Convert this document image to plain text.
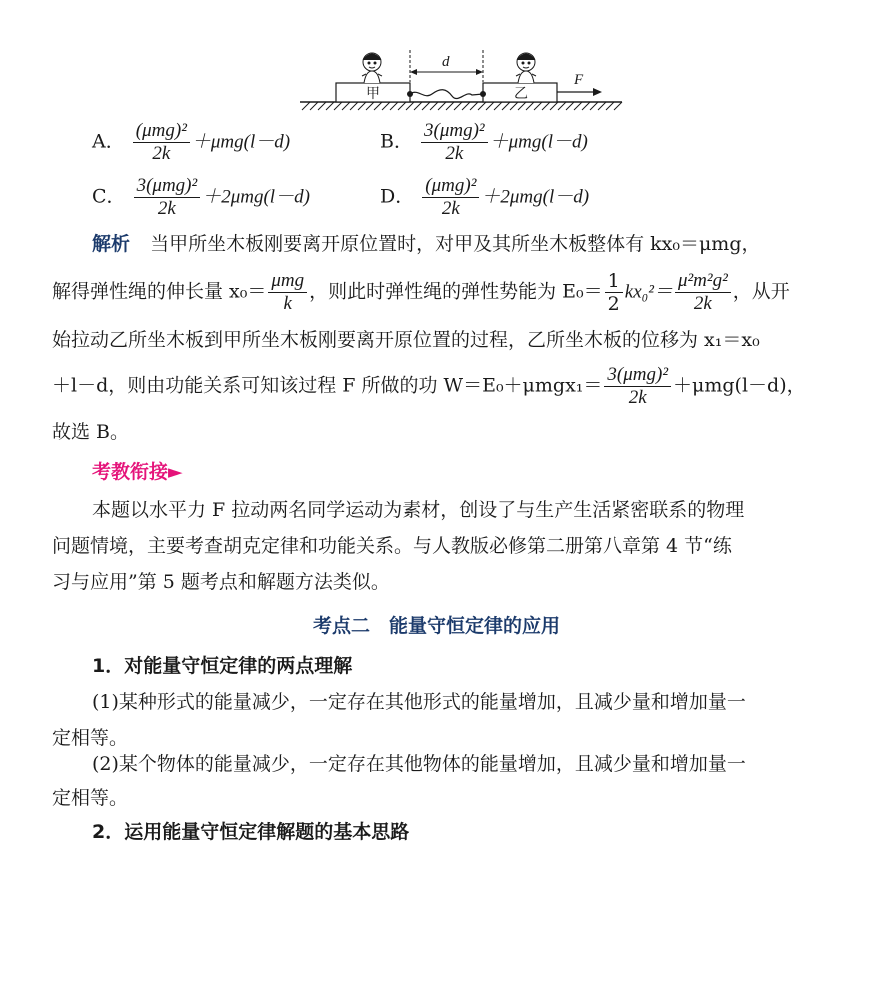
甲	乙
d
F
A． $\frac{\text{(μmg)²}}{2k} +\mu mg(l-d)$	B． $\frac{\text{3(μmg)²}}{2k} +\mu mg(l-d)$
C． $\frac{\text{3(μmg)²}}{2k} +2\mu mg(l-d)$	D． $\frac{\text{(μmg)²}}{2k} +2\mu mg(l-d)$
解析 当甲所坐木板刚要离开原位置时，对甲及其所坐木板整体有 kx₀＝μmg，
解得弹性绳的伸长量 $x_0= \frac{\text{μmg}}{k}$ ，则此时弹性绳的弹性势能为 $E_0= \frac{1}{2} kx_0^2= \frac{\text{μ²m²g²}}{2k}$ ，从开
始拉动乙所坐木板到甲所坐木板刚要离开原位置的过程，乙所坐木板的位移为 x₁＝x₀
＋l－d，则由功能关系可知该过程 F 所做的功 $W=E_0+\mu mgx_1= \frac{\text{3(μmg)²}}{2k} +\mu mg(l-d)$，
故选 B。
考教衔接►
本题以水平力 F 拉动两名同学运动为素材，创设了与生产生活紧密联系的物理
问题情境，主要考查胡克定律和功能关系。与人教版必修第二册第八章第 4 节“练
习与应用”第 5 题考点和解题方法类似。
考点二　能量守恒定律的应用
1．对能量守恒定律的两点理解
(1)某种形式的能量减少，一定存在其他形式的能量增加，且减少量和增加量一
定相等。
(2)某个物体的能量减少，一定存在其他物体的能量增加，且减少量和增加量一
定相等。
2．运用能量守恒定律解题的基本思路
